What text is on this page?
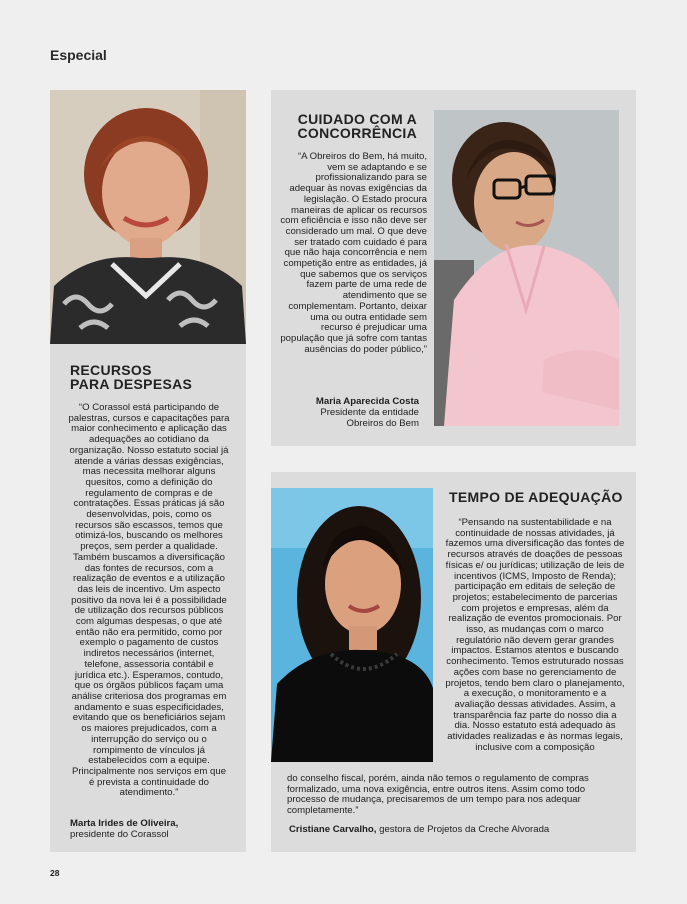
Especial

RECURSOS
PARA DESPESAS

“O Corassol está participando de palestras, cursos e capacitações para maior conhecimento e aplicação das adequações ao cotidiano da organização. Nosso estatuto social já atende a várias dessas exigências, mas necessita melhorar alguns quesitos, como a definição do regulamento de compras e de contratações. Essas práticas já são desenvolvidas, pois, como os recursos são escassos, temos que otimizá-los, buscando os melhores preços, sem perder a qualidade. Também buscamos a diversificação das fontes de recursos, com a realização de eventos e a utilização das leis de incentivo. Um aspecto positivo da nova lei é a possibilidade de utilização dos recursos públicos com algumas despesas, o que até então não era permitido, como por exemplo o pagamento de custos indiretos necessários (internet, telefone, assessoria contábil e jurídica etc.). Esperamos, contudo, que os órgãos públicos façam uma análise criteriosa dos programas em andamento e suas especificidades, evitando que os beneficiários sejam os maiores prejudicados, com a interrupção do serviço ou o rompimento de vínculos já estabelecidos com a equipe. Principalmente nos serviços em que é prevista a continuidade do atendimento.”

Marta Irides de Oliveira,

presidente do Corassol

CUIDADO COM A
CONCORRÊNCIA

“A Obreiros do Bem, há muito, vem se adaptando e se profissionalizando para se adequar às novas exigências da legislação. O Estado procura maneiras de aplicar os recursos com eficiência e isso não deve ser considerado um mal. O que deve ser tratado com cuidado é para que não haja concorrência e nem competição entre as entidades, já que sabemos que os serviços fazem parte de uma rede de atendimento que se complementam. Portanto, deixar uma ou outra entidade sem recurso é prejudicar uma população que já sofre com tantas ausências do poder público,”

Maria Aparecida Costa

Presidente da entidade

Obreiros do Bem

TEMPO DE ADEQUAÇÃO

“Pensando na sustentabilidade e na continuidade de nossas atividades, já fazemos uma diversificação das fontes de recursos através de doações de pessoas físicas e/ ou jurídicas; utilização de leis de incentivos (ICMS, Imposto de Renda); participação em editais de seleção de projetos; estabelecimento de parcerias com projetos e empresas, além da realização de eventos promocionais. Por isso, as mudanças com o marco regulatório não devem gerar grandes impactos. Estamos atentos e buscando conhecimento. Temos estruturado nossas ações com base no gerenciamento de projetos, tendo bem claro o planejamento, a execução, o monitoramento e a avaliação dessas atividades. Assim, a transparência faz parte do nosso dia a dia. Nosso estatuto está adequado às atividades realizadas e às normas legais, inclusive com a composição

do conselho fiscal, porém, ainda não temos o regulamento de compras formalizado, uma nova exigência, entre outros itens. Assim como todo processo de mudança, precisaremos de um tempo para nos adequar completamente.”

Cristiane Carvalho, gestora de Projetos da Creche Alvorada

28
